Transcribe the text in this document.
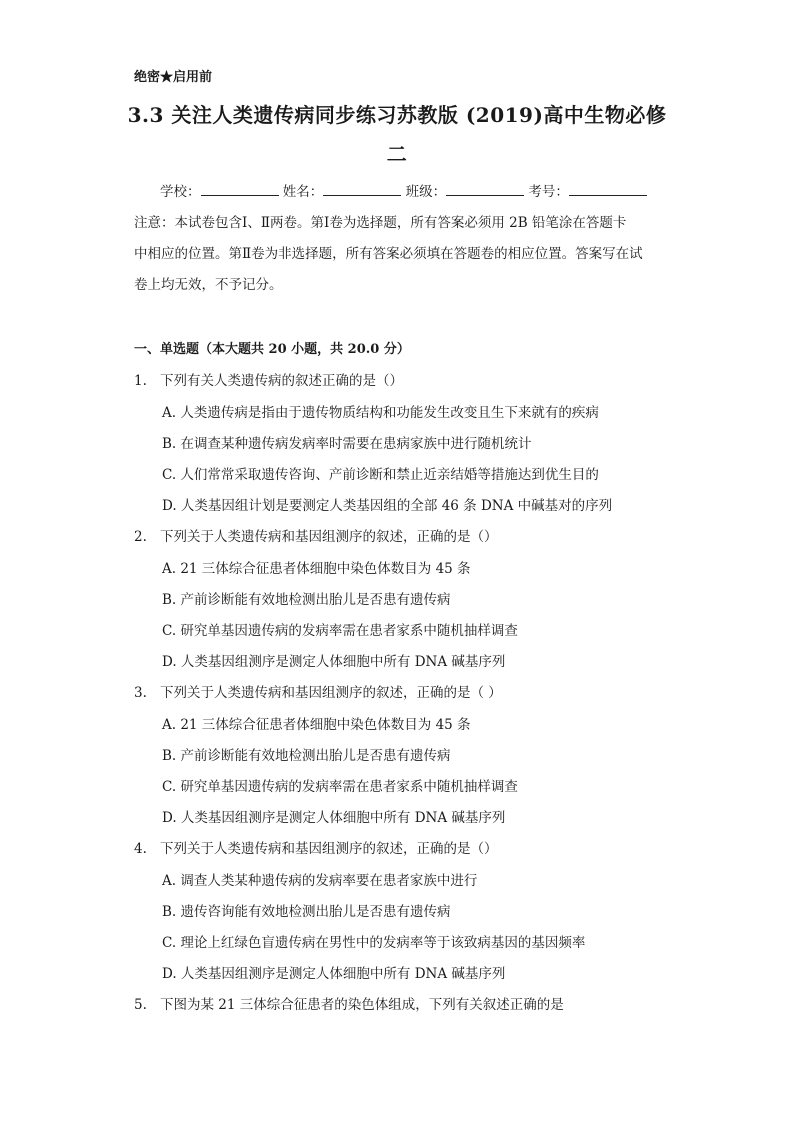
绝密★启用前
3.3 关注人类遗传病同步练习苏教版 (2019)高中生物必修
二
学校：	姓名：	班级：	考号：

注意：本试卷包含Ⅰ、Ⅱ两卷。第Ⅰ卷为选择题，所有答案必须用 2B 铅笔涂在答题卡

中相应的位置。第Ⅱ卷为非选择题，所有答案必须填在答题卷的相应位置。答案写在试

卷上均无效，不予记分。

一、单选题（本大题共 20 小题，共 20.0 分）
1. 下列有关人类遗传病的叙述正确的是（）
A. 人类遗传病是指由于遗传物质结构和功能发生改变且生下来就有的疾病
B. 在调查某种遗传病发病率时需要在患病家族中进行随机统计
C. 人们常常采取遗传咨询、产前诊断和禁止近亲结婚等措施达到优生目的
D. 人类基因组计划是要测定人类基因组的全部 46 条 DNA 中碱基对的序列
2. 下列关于人类遗传病和基因组测序的叙述，正确的是（）
A. 21 三体综合征患者体细胞中染色体数目为 45 条
B. 产前诊断能有效地检测出胎儿是否患有遗传病
C. 研究单基因遗传病的发病率需在患者家系中随机抽样调查
D. 人类基因组测序是测定人体细胞中所有 DNA 碱基序列
3. 下列关于人类遗传病和基因组测序的叙述，正确的是（ ）
A. 21 三体综合征患者体细胞中染色体数目为 45 条
B. 产前诊断能有效地检测出胎儿是否患有遗传病
C. 研究单基因遗传病的发病率需在患者家系中随机抽样调查
D. 人类基因组测序是测定人体细胞中所有 DNA 碱基序列
4. 下列关于人类遗传病和基因组测序的叙述，正确的是（）
A. 调查人类某种遗传病的发病率要在患者家族中进行
B. 遗传咨询能有效地检测出胎儿是否患有遗传病
C. 理论上红绿色盲遗传病在男性中的发病率等于该致病基因的基因频率
D. 人类基因组测序是测定人体细胞中所有 DNA 碱基序列
5. 下图为某 21 三体综合征患者的染色体组成，下列有关叙述正确的是
